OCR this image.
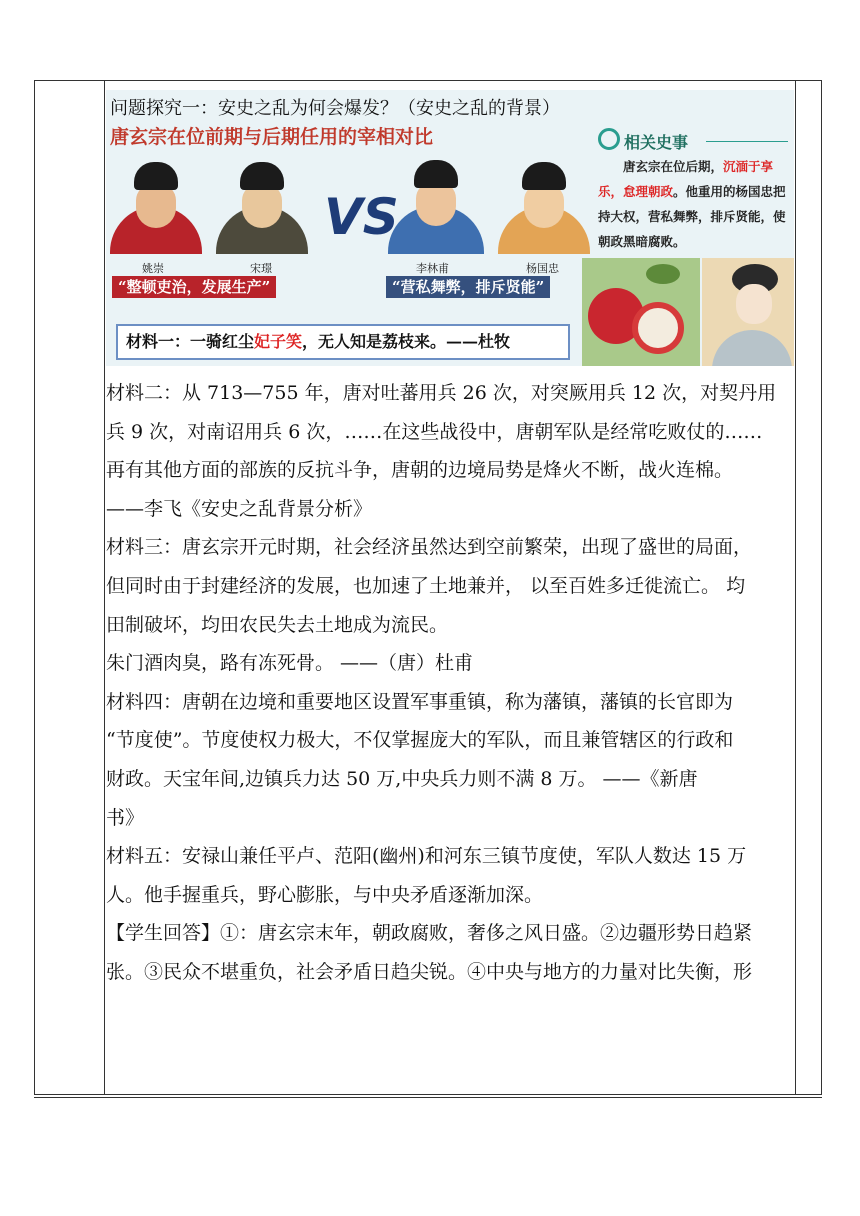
问题探究一：安史之乱为何会爆发？（安史之乱的背景）
唐玄宗在位前期与后期任用的宰相对比
VS
姚崇	宋璟	李林甫	杨国忠
“整顿吏治，发展生产”	“营私舞弊，排斥贤能”
材料一：一骑红尘妃子笑，无人知是荔枝来。——杜牧
相关史事
唐玄宗在位后期，沉湎于享乐，怠理朝政。他重用的杨国忠把持大权，营私舞弊，排斥贤能，使朝政黑暗腐败。

材料二：从 713—755 年，唐对吐蕃用兵 26 次，对突厥用兵 12 次，对契丹用

兵 9 次，对南诏用兵 6 次，……在这些战役中，唐朝军队是经常吃败仗的……

再有其他方面的部族的反抗斗争，唐朝的边境局势是烽火不断，战火连棉。

——李飞《安史之乱背景分析》

材料三：唐玄宗开元时期，社会经济虽然达到空前繁荣，出现了盛世的局面，

但同时由于封建经济的发展，也加速了土地兼并， 以至百姓多迁徙流亡。 均

田制破坏，均田农民失去土地成为流民。

朱门酒肉臭，路有冻死骨。 ——（唐）杜甫

材料四：唐朝在边境和重要地区设置军事重镇，称为藩镇，藩镇的长官即为

“节度使”。节度使权力极大，不仅掌握庞大的军队，而且兼管辖区的行政和

财政。天宝年间,边镇兵力达 50 万,中央兵力则不满 8 万。 ——《新唐

书》

材料五：安禄山兼任平卢、范阳(幽州)和河东三镇节度使，军队人数达 15 万

人。他手握重兵，野心膨胀，与中央矛盾逐渐加深。

【学生回答】①：唐玄宗末年，朝政腐败，奢侈之风日盛。②边疆形势日趋紧

张。③民众不堪重负，社会矛盾日趋尖锐。④中央与地方的力量对比失衡，形
